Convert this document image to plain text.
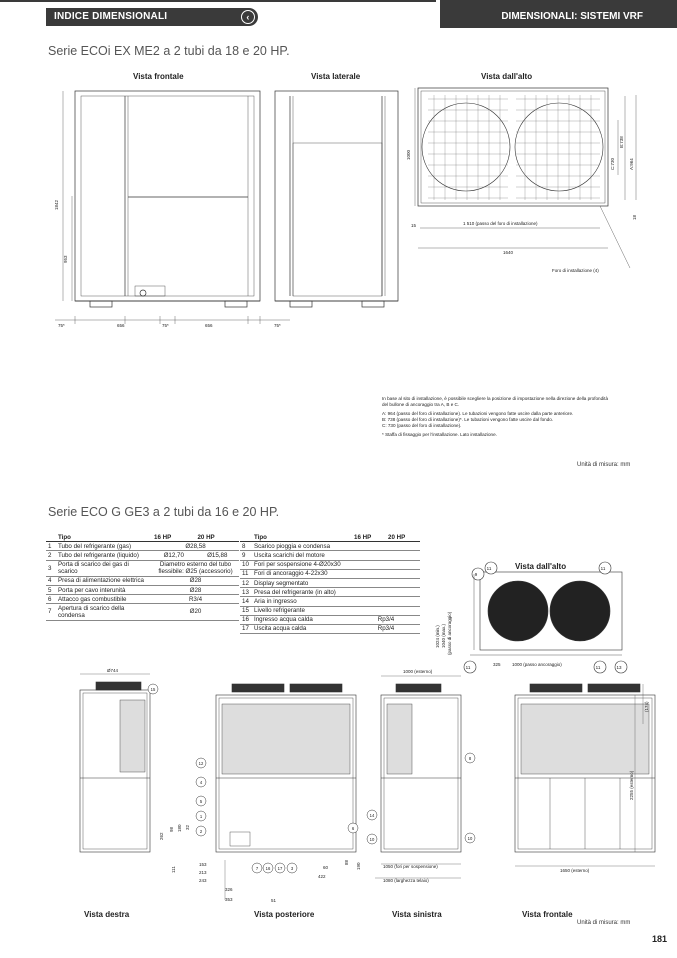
INDICE DIMENSIONALI	‹	DIMENSIONALI: SISTEMI VRF
Serie ECOi EX ME2 a 2 tubi da 18 e 20 HP.
Vista frontale	Vista laterale	Vista dall'alto
1842
953
75*	656	75*	656	75*
1000
15	1 510 (passo del foro di installazione)
1640
Foro di installazione (4)
A:964
B:738
C:730
18
In base al sito di installazione, è possibile scegliere la posizione di impostazione nella direzione della profondità
del bullone di ancoraggio tra A, B e C.
A: 964 (passo del foro di installazione). Le tubazioni vengono fatte uscire dalla parte anteriore.
B: 738 (passo del foro di installazione)*. Le tubazioni vengono fatte uscire dal fondo.
C: 730 (passo del foro di installazione).
* Staffa di fissaggio per l'installazione. Lato installazione.
Unità di misura: mm
Serie ECO G GE3 a 2 tubi da 16 e 20 HP.
	Tipo	16 HP	20 HP
1	Tubo del refrigerante (gas)	Ø28,58	
2	Tubo del refrigerante (liquido)	Ø12,70	Ø15,88
3	Porta di scarico dei gas di scarico	Diametro esterno del tubo flessibile: Ø25 (accessorio)	
4	Presa di alimentazione elettrica	Ø28	
5	Porta per cavo interunità	Ø28	
6	Attacco gas combustibile	R3/4	
7	Apertura di scarico della condensa	Ø20	
	Tipo	16 HP	20 HP
8	Scarico pioggia e condensa		
9	Uscita scarichi del motore		
10	Fori per sospensione 4-Ø20x30		
11	Fori di ancoraggio 4-22x30		
12	Display segmentato		
13	Presa del refrigerante (in alto)		
14	Aria in ingresso		
15	Livello refrigerante		
16	Ingresso acqua calda	Rp3/4	
17	Uscita acqua calda	Rp3/4	
Vista dall'alto
9
11	11
11	11	13
1024 (min.) 1040 (max.) (passo di ancoraggio)
325	1000 (passo ancoraggio)
Ø744	1000 (esterno)
2255 (esterno)
(174)
1650 (esterno)
1050 (fori per sospensione)
1080 (larghezza telaio)
153
213
243
326
353	51
60
422
88 190
111
262
98 180 32
15
12
4
5
1
2
7 16 17 3
6
14
10
8
10
Vista destra	Vista posteriore	Vista sinistra	Vista frontale
Unità di misura: mm
181
